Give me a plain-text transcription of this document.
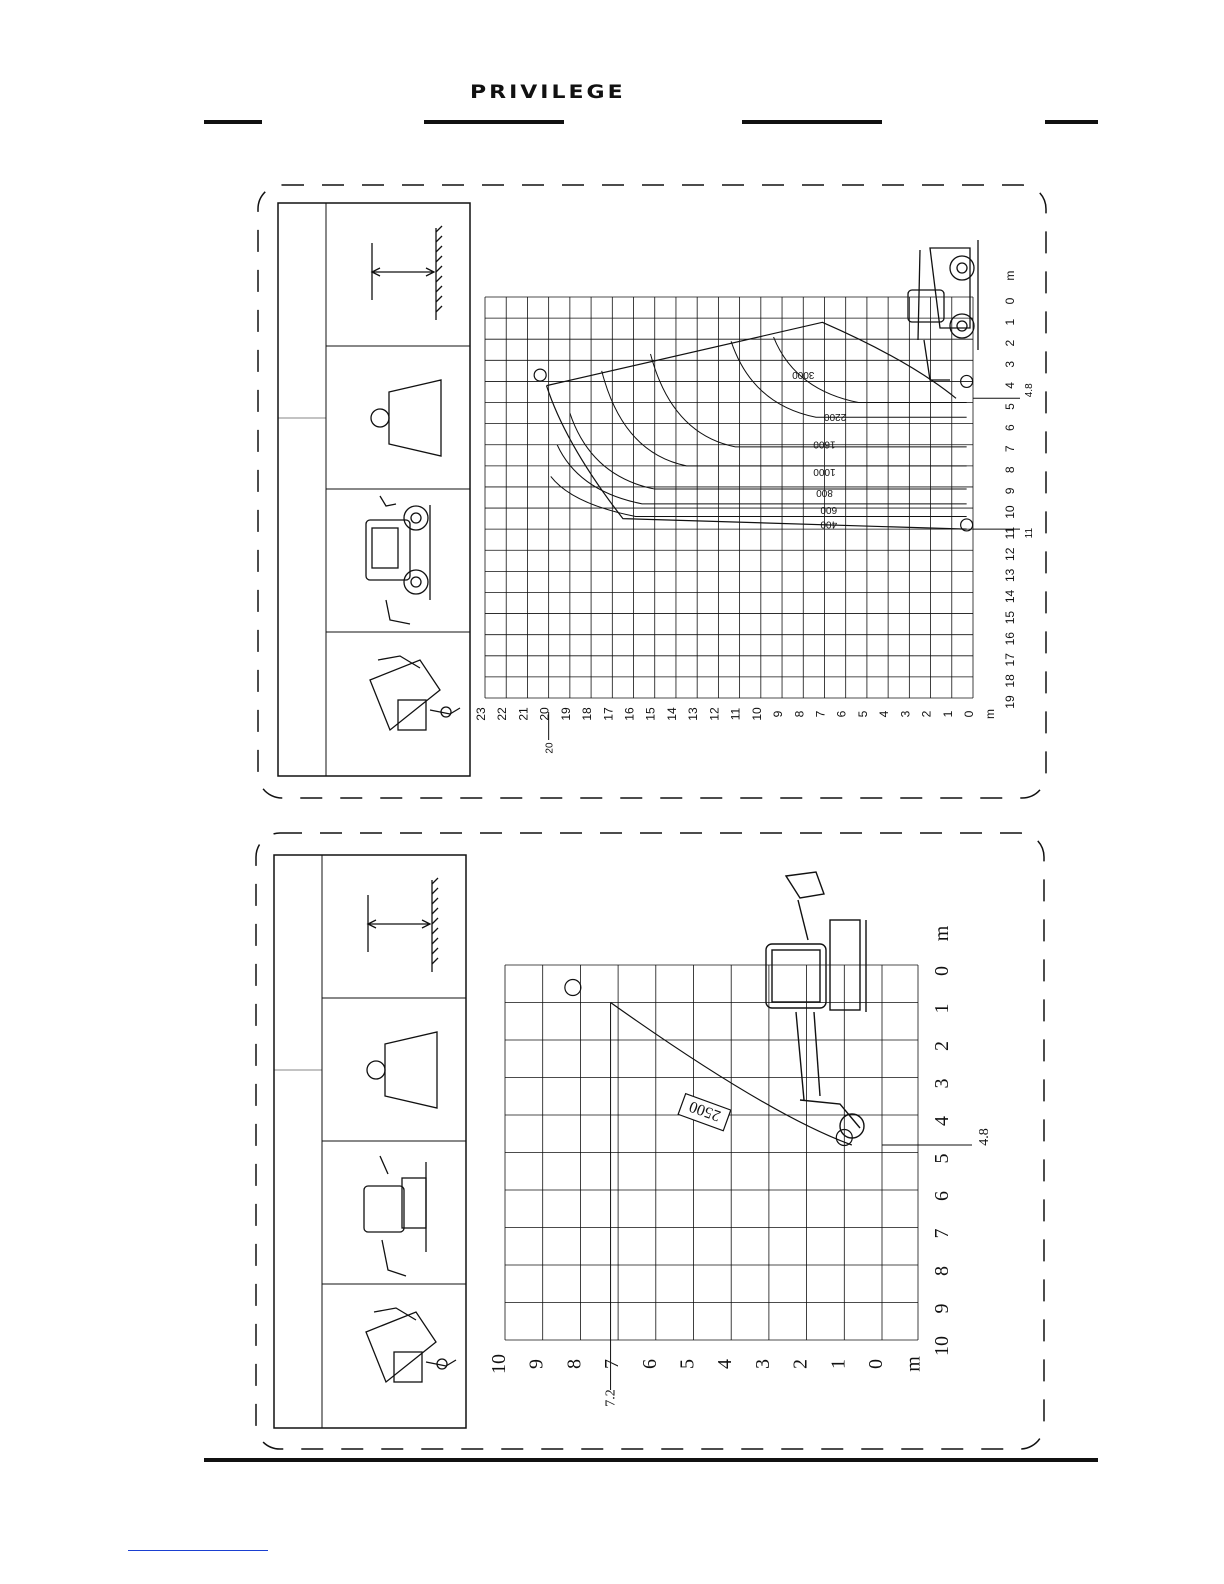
PRIVILEGE
23 22 21 20 19 18 17 16 15 14 13 12 11 10 9 8 7 6 5 4 3 2 1 0 m
19
18
17
16
15
14
13
12
11
10
9
8
7
6
5
4
3
2
1
0
m
20
4.8
11
3000
2200
1600
1000
800
600
400
10 9 8 7 6 5 4 3 2 1 0 m
10
9
8
7
6
5
4
3
2
1
0
m
7.2
4.8
2500
